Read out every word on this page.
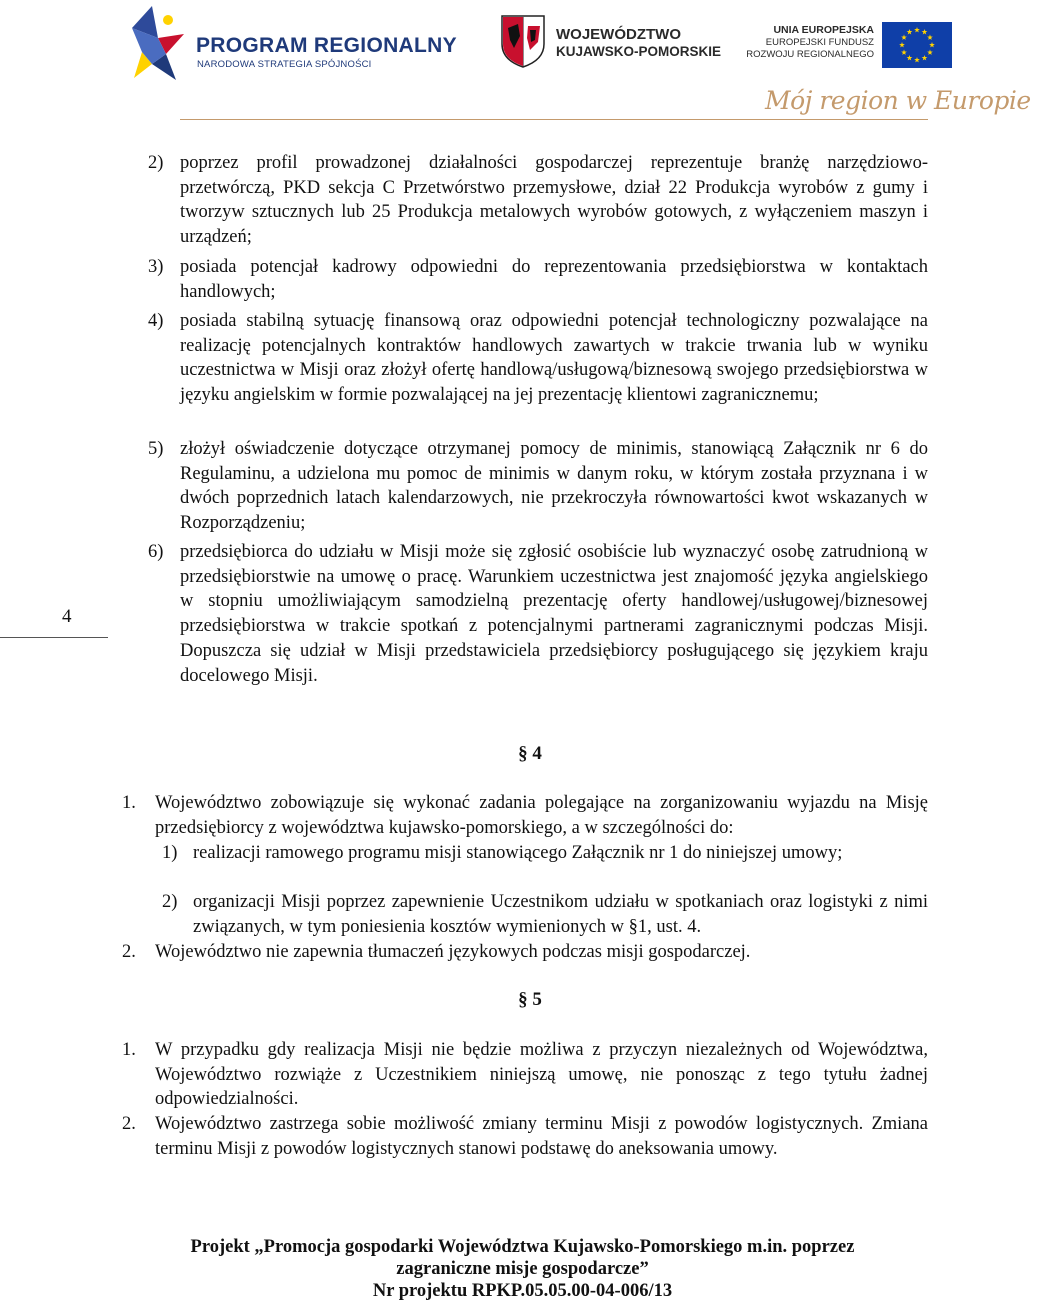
PROGRAM REGIONALNY
NARODOWA STRATEGIA SPÓJNOŚCI
WOJEWÓDZTWO
KUJAWSKO-POMORSKIE
UNIA EUROPEJSKA
EUROPEJSKI FUNDUSZ
ROZWOJU REGIONALNEGO
Mój region w Europie
4
2) poprzez profil prowadzonej działalności gospodarczej reprezentuje branżę narzędziowo-przetwórczą, PKD sekcja C Przetwórstwo przemysłowe, dział 22 Produkcja wyrobów z gumy i tworzyw sztucznych lub 25 Produkcja metalowych wyrobów gotowych, z wyłączeniem maszyn i urządzeń;
3) posiada potencjał kadrowy odpowiedni do reprezentowania przedsiębiorstwa w kontaktach handlowych;
4) posiada stabilną sytuację finansową oraz odpowiedni potencjał technologiczny pozwalające na realizację potencjalnych kontraktów handlowych zawartych w trakcie trwania lub w wyniku uczestnictwa w Misji oraz złożył ofertę handlową/usługową/biznesową swojego przedsiębiorstwa w języku angielskim w formie pozwalającej na jej prezentację klientowi zagranicznemu;
5) złożył oświadczenie dotyczące otrzymanej pomocy de minimis, stanowiącą Załącznik nr 6 do Regulaminu, a udzielona mu pomoc de minimis w danym roku, w którym została przyznana i w dwóch poprzednich latach kalendarzowych, nie przekroczyła równowartości kwot wskazanych w Rozporządzeniu;
6) przedsiębiorca do udziału w Misji może się zgłosić osobiście lub wyznaczyć osobę zatrudnioną w przedsiębiorstwie na umowę o pracę. Warunkiem uczestnictwa jest znajomość języka angielskiego w stopniu umożliwiającym samodzielną prezentację oferty handlowej/usługowej/biznesowej przedsiębiorstwa w trakcie spotkań z potencjalnymi partnerami zagranicznymi podczas Misji. Dopuszcza się udział w Misji przedstawiciela przedsiębiorcy posługującego się językiem kraju docelowego Misji.
§ 4
1. Województwo zobowiązuje się wykonać zadania polegające na zorganizowaniu wyjazdu na Misję przedsiębiorcy z województwa kujawsko-pomorskiego, a w szczególności do:
1) realizacji ramowego programu misji stanowiącego Załącznik nr 1 do niniejszej umowy;
2) organizacji Misji poprzez zapewnienie Uczestnikom udziału w spotkaniach oraz logistyki z nimi związanych, w tym poniesienia kosztów wymienionych w §1, ust. 4.
2. Województwo nie zapewnia tłumaczeń językowych podczas misji gospodarczej.
§ 5
1. W przypadku gdy realizacja Misji nie będzie możliwa z przyczyn niezależnych od Województwa, Województwo rozwiąże z Uczestnikiem niniejszą umowę, nie ponosząc z tego tytułu żadnej odpowiedzialności.
2. Województwo zastrzega sobie możliwość zmiany terminu Misji z powodów logistycznych. Zmiana terminu Misji z powodów logistycznych stanowi podstawę do aneksowania umowy.
Projekt „Promocja gospodarki Województwa Kujawsko-Pomorskiego m.in. poprzez
zagraniczne misje gospodarcze”
Nr projektu RPKP.05.05.00-04-006/13
